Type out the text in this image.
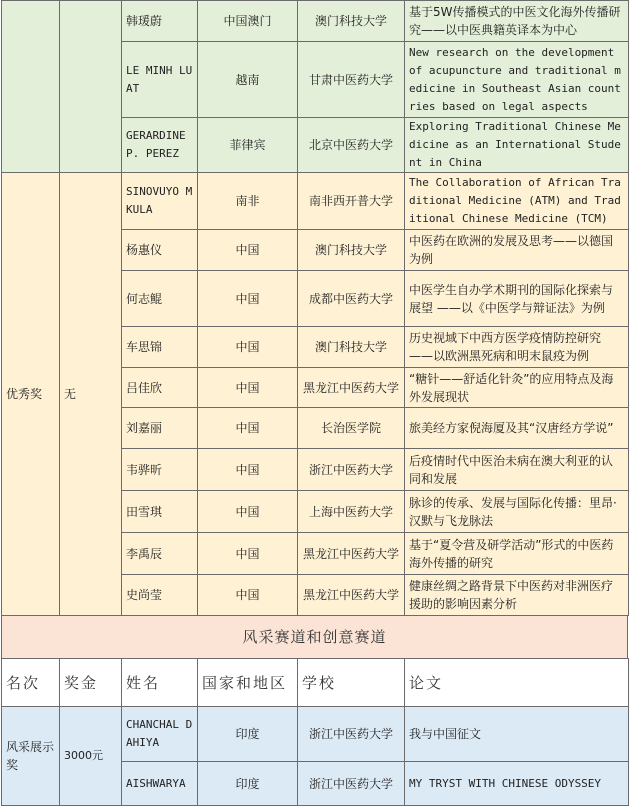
		韩瑗蔚	中国澳门	澳门科技大学	基于5W传播模式的中医文化海外传播研究——以中医典籍英译本为中心
		LE MINH LUAT	越南	甘肃中医药大学	New research on the development of acupuncture and traditional medicine in Southeast Asian countries based on legal aspects
		GERARDINE P. PEREZ	菲律宾	北京中医药大学	Exploring Traditional Chinese Medicine as an International Student in China
优秀奖	无	SINOVUYO MKULA	南非	南非西开普大学	The Collaboration of African Traditional Medicine (ATM) and Traditional Chinese Medicine (TCM)
		杨惠仪	中国	澳门科技大学	中医药在欧洲的发展及思考——以德国为例
		何志鲲	中国	成都中医药大学	中医学生自办学术期刊的国际化探索与展望 ——以《中医学与辩证法》为例
		车思锦	中国	澳门科技大学	历史视域下中西方医学疫情防控研究——以欧洲黑死病和明末鼠疫为例
		吕佳欣	中国	黑龙江中医药大学	“糖针——舒适化针灸”的应用特点及海外发展现状
		刘嘉丽	中国	长治医学院	旅美经方家倪海厦及其“汉唐经方学说”
		韦骅昕	中国	浙江中医药大学	后疫情时代中医治未病在澳大利亚的认同和发展
		田雪琪	中国	上海中医药大学	脉诊的传承、发展与国际化传播：里昂·汉默与飞龙脉法
		李禹辰	中国	黑龙江中医药大学	基于“夏令营及研学活动”形式的中医药海外传播的研究
		史尚莹	中国	黑龙江中医药大学	健康丝绸之路背景下中医药对非洲医疗援助的影响因素分析
风采赛道和创意赛道
名次	奖金	姓名	国家和地区	学校	论文
风采展示奖	3000元	CHANCHAL DAHIYA	印度	浙江中医药大学	我与中国征文
		AISHWARYA	印度	浙江中医药大学	MY TRYST WITH CHINESE ODYSSEY
